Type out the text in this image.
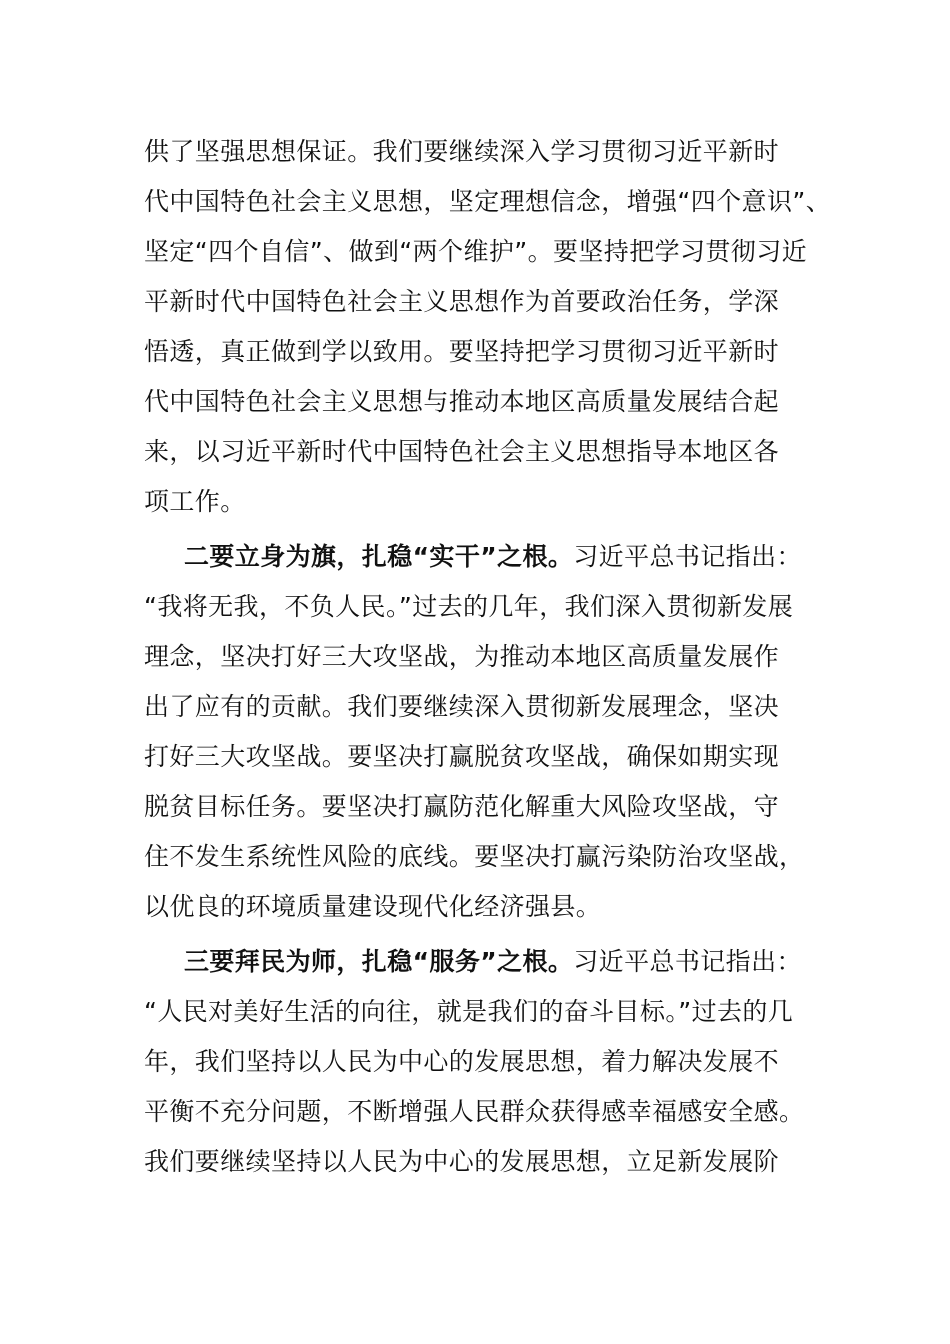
供了坚强思想保证。我们要继续深入学习贯彻习近平新时
代中国特色社会主义思想，坚定理想信念，增强“四个意识”、
坚定“四个自信”、做到“两个维护”。要坚持把学习贯彻习近
平新时代中国特色社会主义思想作为首要政治任务，学深
悟透，真正做到学以致用。要坚持把学习贯彻习近平新时
代中国特色社会主义思想与推动本地区高质量发展结合起
来，以习近平新时代中国特色社会主义思想指导本地区各
项工作。
二要立身为旗，扎稳“实干”之根。习近平总书记指出：
“我将无我，不负人民。”过去的几年，我们深入贯彻新发展
理念，坚决打好三大攻坚战，为推动本地区高质量发展作
出了应有的贡献。我们要继续深入贯彻新发展理念，坚决
打好三大攻坚战。要坚决打赢脱贫攻坚战，确保如期实现
脱贫目标任务。要坚决打赢防范化解重大风险攻坚战，守
住不发生系统性风险的底线。要坚决打赢污染防治攻坚战，
以优良的环境质量建设现代化经济强县。
三要拜民为师，扎稳“服务”之根。习近平总书记指出：
“人民对美好生活的向往，就是我们的奋斗目标。”过去的几
年，我们坚持以人民为中心的发展思想，着力解决发展不
平衡不充分问题，不断增强人民群众获得感幸福感安全感。
我们要继续坚持以人民为中心的发展思想，立足新发展阶
